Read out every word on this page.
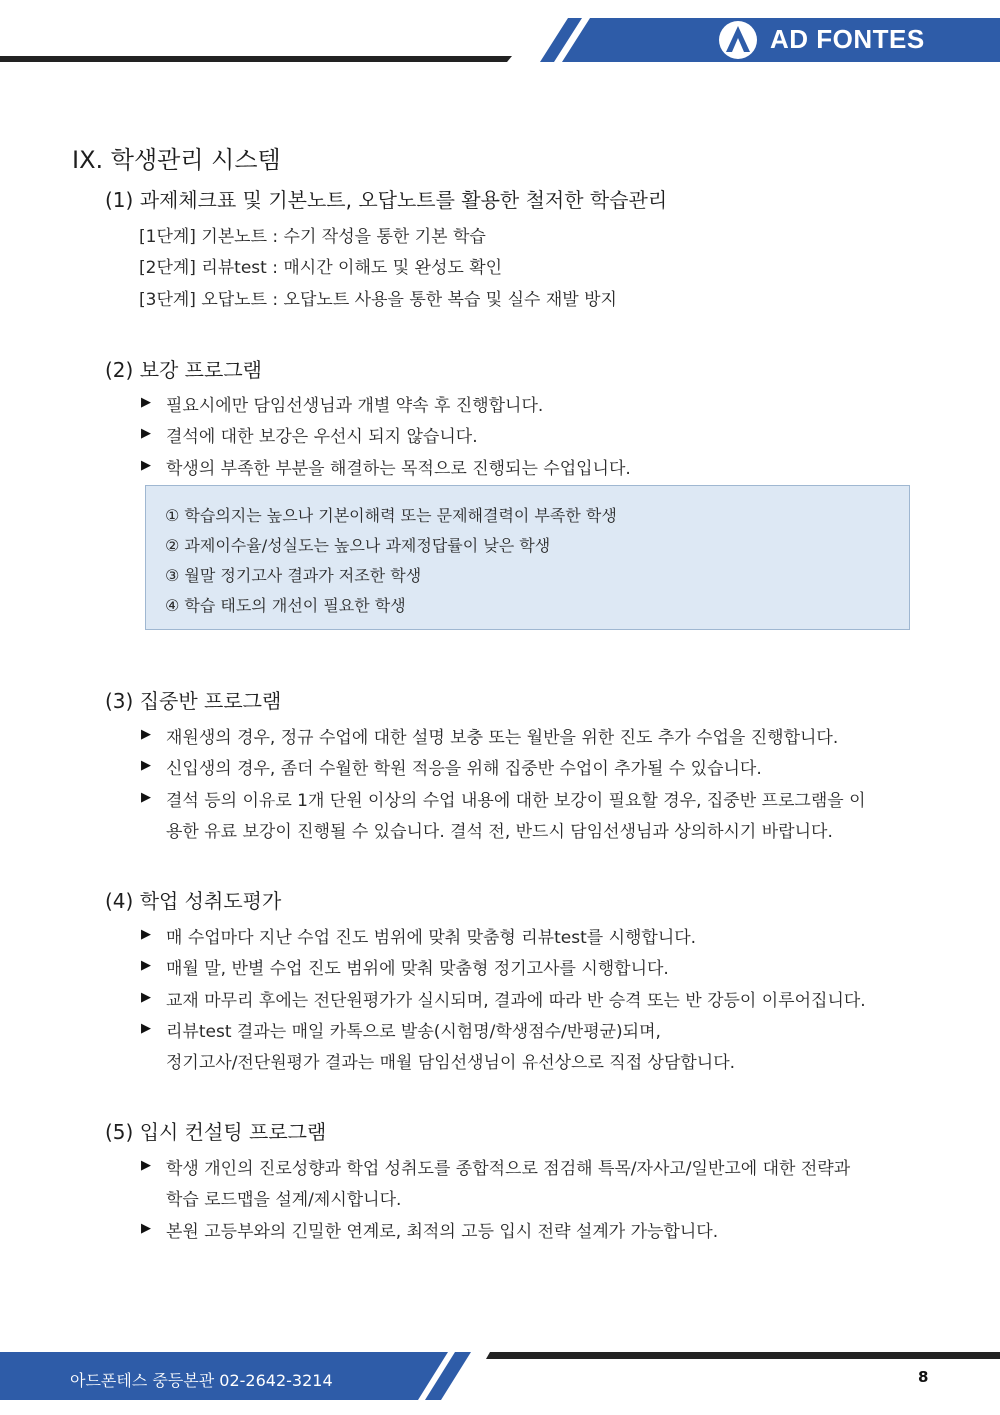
AD FONTES
IX. 학생관리 시스템
(1) 과제체크표 및 기본노트, 오답노트를 활용한 철저한 학습관리
[1단계] 기본노트 : 수기 작성을 통한 기본 학습
[2단계] 리뷰test : 매시간 이해도 및 완성도 확인
[3단계] 오답노트 : 오답노트 사용을 통한 복습 및 실수 재발 방지
(2) 보강 프로그램
▶ 필요시에만 담임선생님과 개별 약속 후 진행합니다.
▶ 결석에 대한 보강은 우선시 되지 않습니다.
▶ 학생의 부족한 부분을 해결하는 목적으로 진행되는 수업입니다.
① 학습의지는 높으나 기본이해력 또는 문제해결력이 부족한 학생
② 과제이수율/성실도는 높으나 과제정답률이 낮은 학생
③ 월말 정기고사 결과가 저조한 학생
④ 학습 태도의 개선이 필요한 학생
(3) 집중반 프로그램
▶ 재원생의 경우, 정규 수업에 대한 설명 보충 또는 월반을 위한 진도 추가 수업을 진행합니다.
▶ 신입생의 경우, 좀더 수월한 학원 적응을 위해 집중반 수업이 추가될 수 있습니다.
▶ 결석 등의 이유로 1개 단원 이상의 수업 내용에 대한 보강이 필요할 경우, 집중반 프로그램을 이
용한 유료 보강이 진행될 수 있습니다. 결석 전, 반드시 담임선생님과 상의하시기 바랍니다.
(4) 학업 성취도평가
▶ 매 수업마다 지난 수업 진도 범위에 맞춰 맞춤형 리뷰test를 시행합니다.
▶ 매월 말, 반별 수업 진도 범위에 맞춰 맞춤형 정기고사를 시행합니다.
▶ 교재 마무리 후에는 전단원평가가 실시되며, 결과에 따라 반 승격 또는 반 강등이 이루어집니다.
▶ 리뷰test 결과는 매일 카톡으로 발송(시험명/학생점수/반평균)되며,
정기고사/전단원평가 결과는 매월 담임선생님이 유선상으로 직접 상담합니다.
(5) 입시 컨설팅 프로그램
▶ 학생 개인의 진로성향과 학업 성취도를 종합적으로 점검해 특목/자사고/일반고에 대한 전략과
학습 로드맵을 설계/제시합니다.
▶ 본원 고등부와의 긴밀한 연계로, 최적의 고등 입시 전략 설계가 가능합니다.
아드폰테스 중등본관 02-2642-3214	8
